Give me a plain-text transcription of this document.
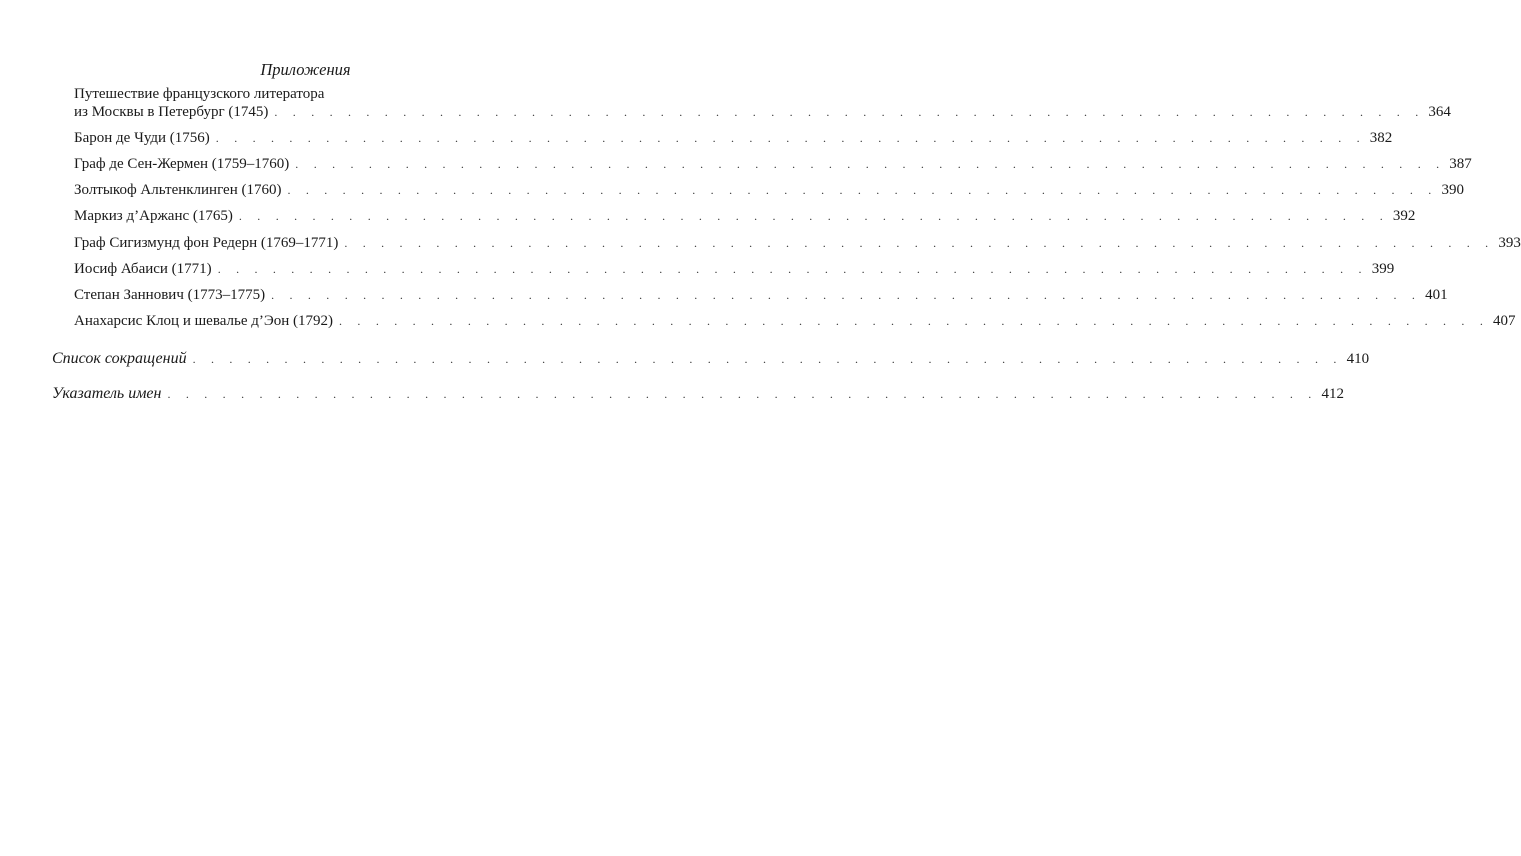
Приложения
Путешествие французского литератора
из Москвы в Петербург (1745) . . . . . . . . . . . . . . . . . . . . . . . . . . . . . . . . . . . . . . . . . . . . . . . . . . . . . . . . . . . . . . . 364
Барон де Чуди (1756) . . . . . . . . . . . . . . . . . . . . . . . . . . . . . . . . . . . . . . . . . . . . . . . . . . . . . . . . . . . . . . . 382
Граф де Сен-Жермен (1759–1760) . . . . . . . . . . . . . . . . . . . . . . . . . . . . . . . . . . . . . . . . . . . . . . . . . . . . . . . . . . . . . . . 387
Золтыкоф Альтенклинген (1760) . . . . . . . . . . . . . . . . . . . . . . . . . . . . . . . . . . . . . . . . . . . . . . . . . . . . . . . . . . . . . . . 390
Маркиз д’Аржанс (1765) . . . . . . . . . . . . . . . . . . . . . . . . . . . . . . . . . . . . . . . . . . . . . . . . . . . . . . . . . . . . . . . 392
Граф Сигизмунд фон Редерн (1769–1771) . . . . . . . . . . . . . . . . . . . . . . . . . . . . . . . . . . . . . . . . . . . . . . . . . . . . . . . . . . . . . . . 393
Иосиф Абаиси (1771) . . . . . . . . . . . . . . . . . . . . . . . . . . . . . . . . . . . . . . . . . . . . . . . . . . . . . . . . . . . . . . . 399
Степан Заннович (1773–1775) . . . . . . . . . . . . . . . . . . . . . . . . . . . . . . . . . . . . . . . . . . . . . . . . . . . . . . . . . . . . . . . 401
Анахарсис Клоц и шевалье д’Эон (1792) . . . . . . . . . . . . . . . . . . . . . . . . . . . . . . . . . . . . . . . . . . . . . . . . . . . . . . . . . . . . . . . 407
Список сокращений . . . . . . . . . . . . . . . . . . . . . . . . . . . . . . . . . . . . . . . . . . . . . . . . . . . . . . . . . . . . . . . 410
Указатель имен . . . . . . . . . . . . . . . . . . . . . . . . . . . . . . . . . . . . . . . . . . . . . . . . . . . . . . . . . . . . . . . 412
